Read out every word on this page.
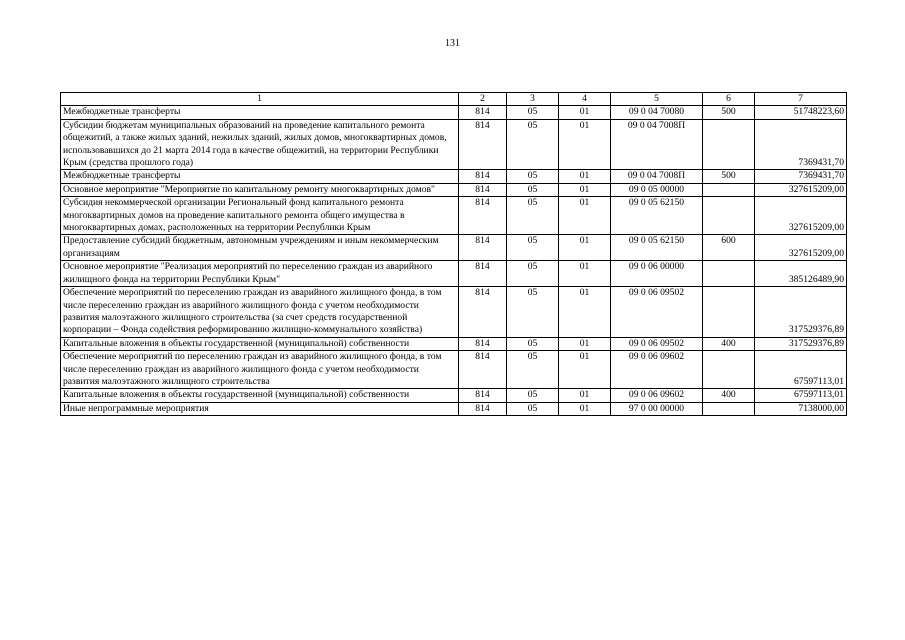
131
1	2	3	4	5	6	7
Межбюджетные трансферты	814	05	01	09 0 04 70080	500	51748223,60
Субсидии бюджетам муниципальных образований на проведение капитального ремонта общежитий, а также жилых зданий, нежилых зданий, жилых домов, многоквартирных домов, использовавшихся до 21 марта 2014 года в качестве общежитий, на территории Республики Крым (средства прошлого года)	814	05	01	09 0 04 7008П		7369431,70
Межбюджетные трансферты	814	05	01	09 0 04 7008П	500	7369431,70
Основное мероприятие "Мероприятие по капитальному ремонту многоквартирных домов"	814	05	01	09 0 05 00000		327615209,00
Субсидия некоммерческой организации Региональный фонд капитального ремонта многоквартирных домов на проведение капитального ремонта общего имущества в многоквартирных домах, расположенных на территории Республики Крым	814	05	01	09 0 05 62150		327615209,00
Предоставление субсидий бюджетным, автономным учреждениям и иным некоммерческим организациям	814	05	01	09 0 05 62150	600	327615209,00
Основное мероприятие "Реализация мероприятий по переселению граждан из аварийного жилищного фонда на территории Республики Крым"	814	05	01	09 0 06 00000		385126489,90
Обеспечение мероприятий по переселению граждан из аварийного жилищного фонда, в том числе переселению граждан из аварийного жилищного фонда с учетом необходимости развития малоэтажного жилищного строительства (за счет средств государственной корпорации – Фонда содействия реформированию жилищно-коммунального хозяйства)	814	05	01	09 0 06 09502		317529376,89
Капитальные вложения в объекты государственной (муниципальной) собственности	814	05	01	09 0 06 09502	400	317529376,89
Обеспечение мероприятий по переселению граждан из аварийного жилищного фонда, в том числе переселению граждан из аварийного жилищного фонда с учетом необходимости развития малоэтажного жилищного строительства	814	05	01	09 0 06 09602		67597113,01
Капитальные вложения в объекты государственной (муниципальной) собственности	814	05	01	09 0 06 09602	400	67597113,01
Иные непрограммные мероприятия	814	05	01	97 0 00 00000		7138000,00
